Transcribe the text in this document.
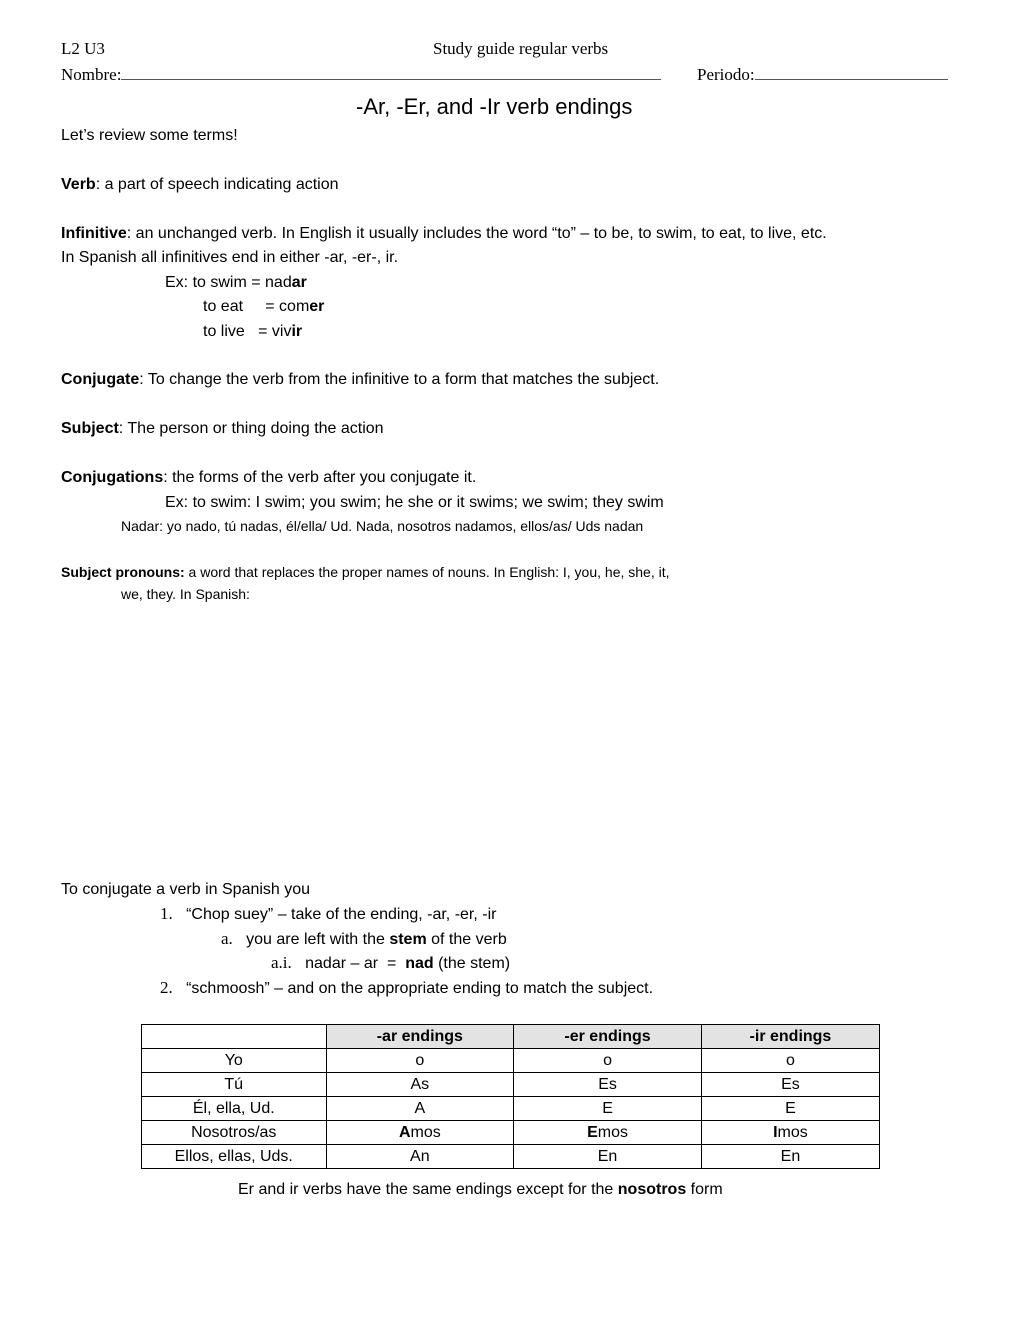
L2 U3	Study guide regular verbs
Nombre:	Periodo:
-Ar, -Er, and -Ir verb endings
Let’s review some terms!
Verb: a part of speech indicating action
Infinitive: an unchanged verb. In English it usually includes the word “to” – to be, to swim, to eat, to live, etc.
In Spanish all infinitives end in either -ar, -er-, ir.
Ex: to swim = nadar
to eat     = comer
to live   = vivir
Conjugate: To change the verb from the infinitive to a form that matches the subject.
Subject: The person or thing doing the action
Conjugations: the forms of the verb after you conjugate it.
Ex: to swim: I swim; you swim; he she or it swims; we swim; they swim
Nadar: yo nado, tú nadas, él/ella/ Ud. Nada, nosotros nadamos, ellos/as/ Uds nadan
Subject pronouns: a word that replaces the proper names of nouns. In English: I, you, he, she, it,
we, they. In Spanish:
To conjugate a verb in Spanish you
1. “Chop suey” – take of the ending, -ar, -er, -ir
a. you are left with the stem of the verb
a.i. nadar – ar  =  nad (the stem)
2. “schmoosh” – and on the appropriate ending to match the subject.
	-ar endings	-er endings	-ir endings
Yo	o	o	o
Tú	As	Es	Es
Él, ella, Ud.	A	E	E
Nosotros/as	Amos	Emos	Imos
Ellos, ellas, Uds.	An	En	En
Er and ir verbs have the same endings except for the nosotros form
